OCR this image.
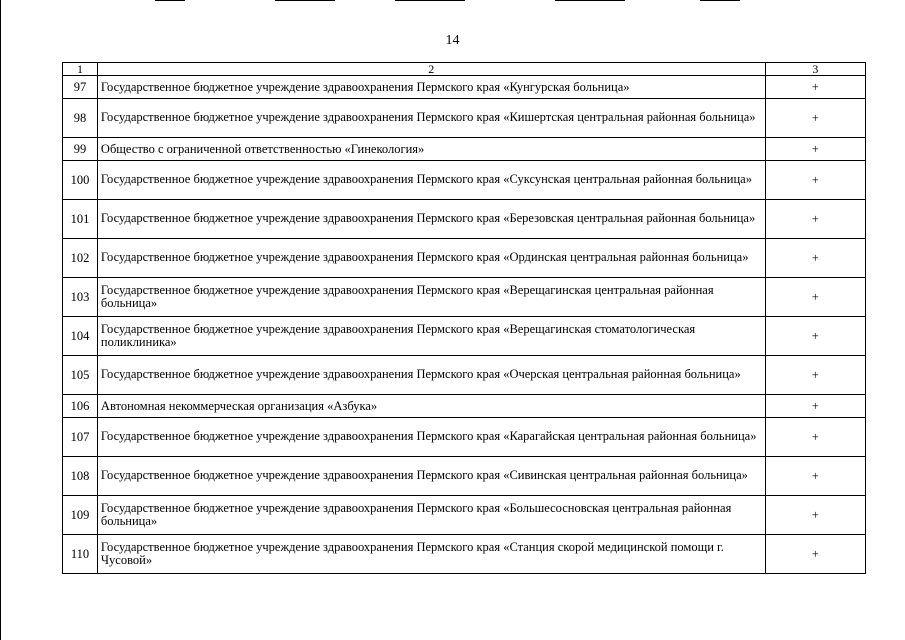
14
1	2	3
97	Государственное бюджетное учреждение здравоохранения Пермского края «Кунгурская больница»	+
98	Государственное бюджетное учреждение здравоохранения Пермского края «Кишертская центральная районная больница»	+
99	Общество с ограниченной ответственностью «Гинекология»	+
100	Государственное бюджетное учреждение здравоохранения Пермского края «Суксунская центральная районная больница»	+
101	Государственное бюджетное учреждение здравоохранения Пермского края «Березовская центральная районная больница»	+
102	Государственное бюджетное учреждение здравоохранения Пермского края «Ординская центральная районная больница»	+
103	Государственное бюджетное учреждение здравоохранения Пермского края «Верещагинская центральная районная больница»	+
104	Государственное бюджетное учреждение здравоохранения Пермского края «Верещагинская стоматологическая поликлиника»	+
105	Государственное бюджетное учреждение здравоохранения Пермского края «Очерская центральная районная больница»	+
106	Автономная некоммерческая организация «Азбука»	+
107	Государственное бюджетное учреждение здравоохранения Пермского края «Карагайская центральная районная больница»	+
108	Государственное бюджетное учреждение здравоохранения Пермского края «Сивинская центральная районная больница»	+
109	Государственное бюджетное учреждение здравоохранения Пермского края «Большесосновская центральная районная больница»	+
110	Государственное бюджетное учреждение здравоохранения Пермского края «Станция скорой медицинской помощи г. Чусовой»	+
